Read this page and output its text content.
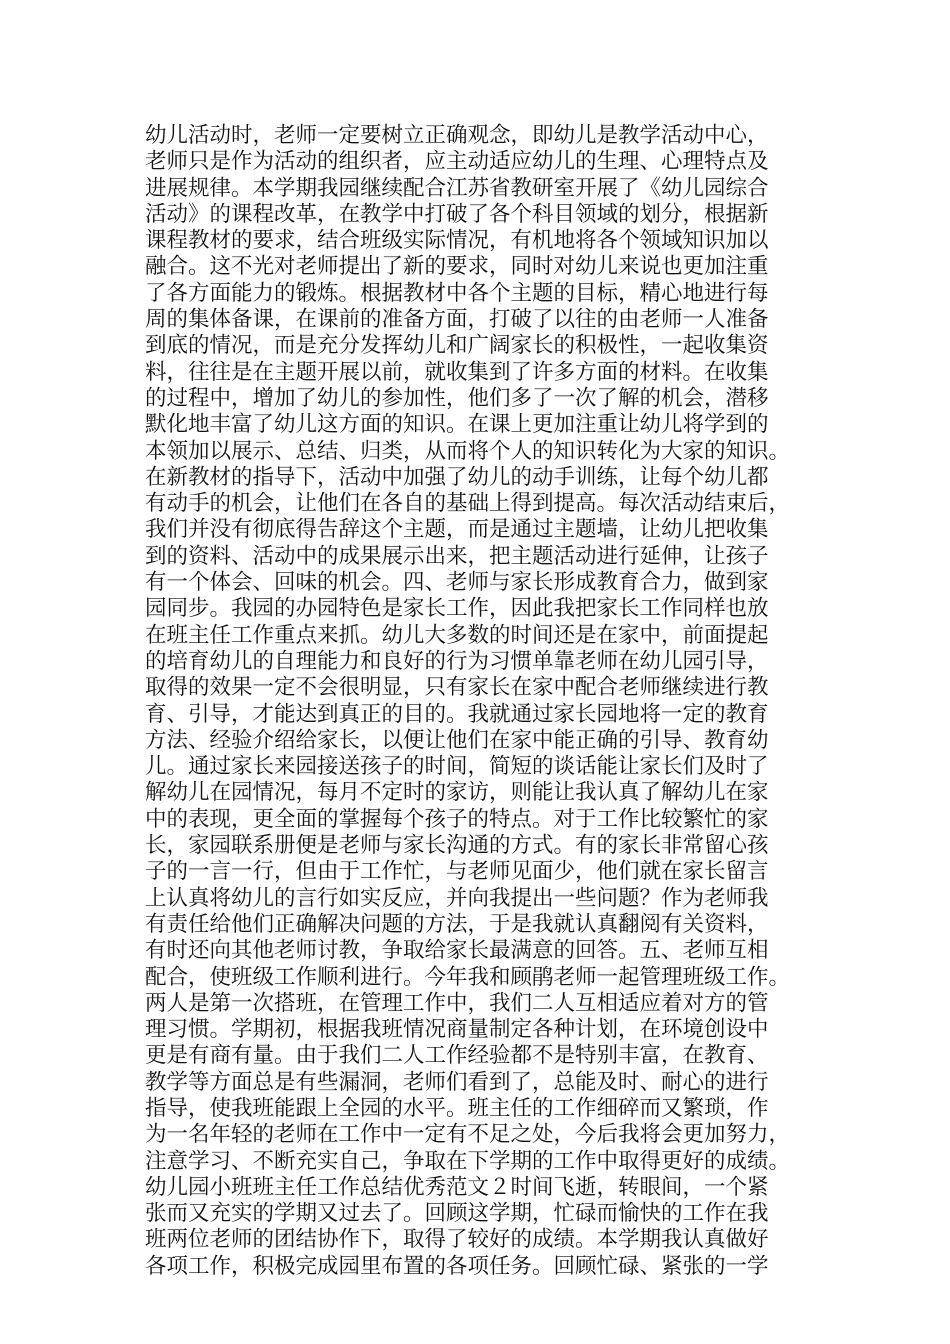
幼儿活动时，老师一定要树立正确观念，即幼儿是教学活动中心，
老师只是作为活动的组织者，应主动适应幼儿的生理、心理特点及
进展规律。本学期我园继续配合江苏省教研室开展了《幼儿园综合
活动》的课程改革，在教学中打破了各个科目领域的划分，根据新
课程教材的要求，结合班级实际情况，有机地将各个领域知识加以
融合。这不光对老师提出了新的要求，同时对幼儿来说也更加注重
了各方面能力的锻炼。根据教材中各个主题的目标，精心地进行每
周的集体备课，在课前的准备方面，打破了以往的由老师一人准备
到底的情况，而是充分发挥幼儿和广阔家长的积极性，一起收集资
料，往往是在主题开展以前，就收集到了许多方面的材料。在收集
的过程中，增加了幼儿的参加性，他们多了一次了解的机会，潜移
默化地丰富了幼儿这方面的知识。在课上更加注重让幼儿将学到的
本领加以展示、总结、归类，从而将个人的知识转化为大家的知识。
在新教材的指导下，活动中加强了幼儿的动手训练，让每个幼儿都
有动手的机会，让他们在各自的基础上得到提高。每次活动结束后，
我们并没有彻底得告辞这个主题，而是通过主题墙，让幼儿把收集
到的资料、活动中的成果展示出来，把主题活动进行延伸，让孩子
有一个体会、回味的机会。四、老师与家长形成教育合力，做到家
园同步。我园的办园特色是家长工作，因此我把家长工作同样也放
在班主任工作重点来抓。幼儿大多数的时间还是在家中，前面提起
的培育幼儿的自理能力和良好的行为习惯单靠老师在幼儿园引导，
取得的效果一定不会很明显，只有家长在家中配合老师继续进行教
育、引导，才能达到真正的目的。我就通过家长园地将一定的教育
方法、经验介绍给家长，以便让他们在家中能正确的引导、教育幼
儿。通过家长来园接送孩子的时间，简短的谈话能让家长们及时了
解幼儿在园情况，每月不定时的家访，则能让我认真了解幼儿在家
中的表现，更全面的掌握每个孩子的特点。对于工作比较繁忙的家
长，家园联系册便是老师与家长沟通的方式。有的家长非常留心孩
子的一言一行，但由于工作忙，与老师见面少，他们就在家长留言
上认真将幼儿的言行如实反应，并向我提出一些问题？作为老师我
有责任给他们正确解决问题的方法，于是我就认真翻阅有关资料，
有时还向其他老师讨教，争取给家长最满意的回答。五、老师互相
配合，使班级工作顺利进行。今年我和顾鹃老师一起管理班级工作。
两人是第一次搭班，在管理工作中，我们二人互相适应着对方的管
理习惯。学期初，根据我班情况商量制定各种计划，在环境创设中
更是有商有量。由于我们二人工作经验都不是特别丰富，在教育、
教学等方面总是有些漏洞，老师们看到了，总能及时、耐心的进行
指导，使我班能跟上全园的水平。班主任的工作细碎而又繁琐，作
为一名年轻的老师在工作中一定有不足之处，今后我将会更加努力，
注意学习、不断充实自己，争取在下学期的工作中取得更好的成绩。
幼儿园小班班主任工作总结优秀范文２时间飞逝，转眼间，一个紧
张而又充实的学期又过去了。回顾这学期，忙碌而愉快的工作在我
班两位老师的团结协作下，取得了较好的成绩。本学期我认真做好
各项工作，积极完成园里布置的各项任务。回顾忙碌、紧张的一学
